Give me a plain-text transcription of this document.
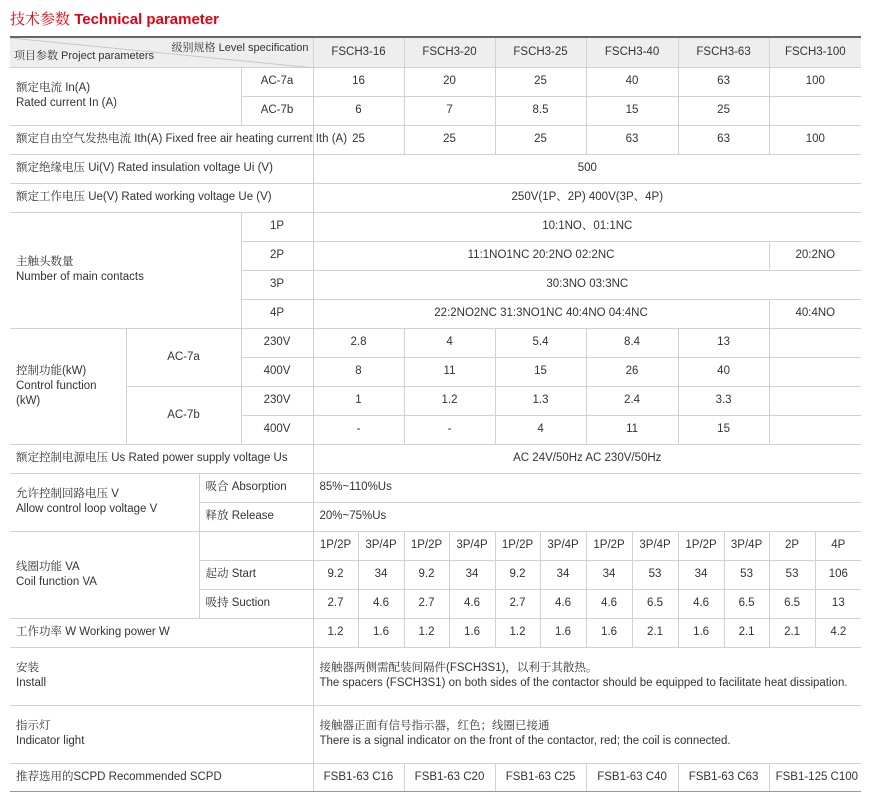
技术参数 Technical parameter
级别规格 Level specification
项目参数 Project parameters				FSCH3-16		FSCH3-20		FSCH3-25		FSCH3-40		FSCH3-63		FSCH3-100	

额定电流 In(A)
Rated current In (A)			AC-7a	16		20		25		40		63		100	
			AC-7b	6		7		8.5		15		25			
额定自由空气发热电流 Ith(A) Fixed free air heating current Ith (A)				25		25		25		63		63		100	
额定绝缘电压 Ui(V) Rated insulation voltage Ui (V)				500											
额定工作电压 Ue(V) Rated working voltage Ue (V)				250V(1P、2P) 400V(3P、4P)											

主触头数量
Number of main contacts			1P	10:1NO、01:1NC											
			2P	11:1NO1NC 20:2NO 02:2NC										20:2NO	
			3P	30:3NO 03:3NC											
			4P	22:2NO2NC 31:3NO1NC 40:4NO 04:4NC										40:4NO	

控制功能(kW)
Control function
(kW)	AC-7a		230V	2.8		4		5.4		8.4		13			
			400V	8		11		15		26		40			
	AC-7b		230V	1		1.2		1.3		2.4		3.3			
			400V	-		-		4		11		15			
额定控制电源电压 Us Rated power supply voltage Us				AC 24V/50Hz AC 230V/50Hz											

允许控制回路电压 V
Allow control loop voltage V		吸合 Absorption		85%~110%Us											
		释放 Release		20%~75%Us											

线圈功能 VA
Coil function VA				1P/2P	3P/4P	1P/2P	3P/4P	1P/2P	3P/4P	1P/2P	3P/4P	1P/2P	3P/4P	2P	4P
		起动 Start		9.2	34	9.2	34	9.2	34	34	53	34	53	53	106
		吸持 Suction		2.7	4.6	2.7	4.6	2.7	4.6	4.6	6.5	4.6	6.5	6.5	13
工作功率 W Working power W				1.2	1.6	1.2	1.6	1.2	1.6	1.6	2.1	1.6	2.1	2.1	4.2

安装
Install				接触器两侧需配装间隔件(FSCH3S1)，以利于其散热。
The spacers (FSCH3S1) on both sides of the contactor should be equipped to facilitate heat dissipation.											

指示灯
Indicator light				接触器正面有信号指示器，红色；线圈已接通
There is a signal indicator on the front of the contactor, red; the coil is connected.											

推荐选用的SCPD Recommended SCPD				FSB1-63 C16		FSB1-63 C20		FSB1-63 C25		FSB1-63 C40		FSB1-63 C63		FSB1-125 C100	
